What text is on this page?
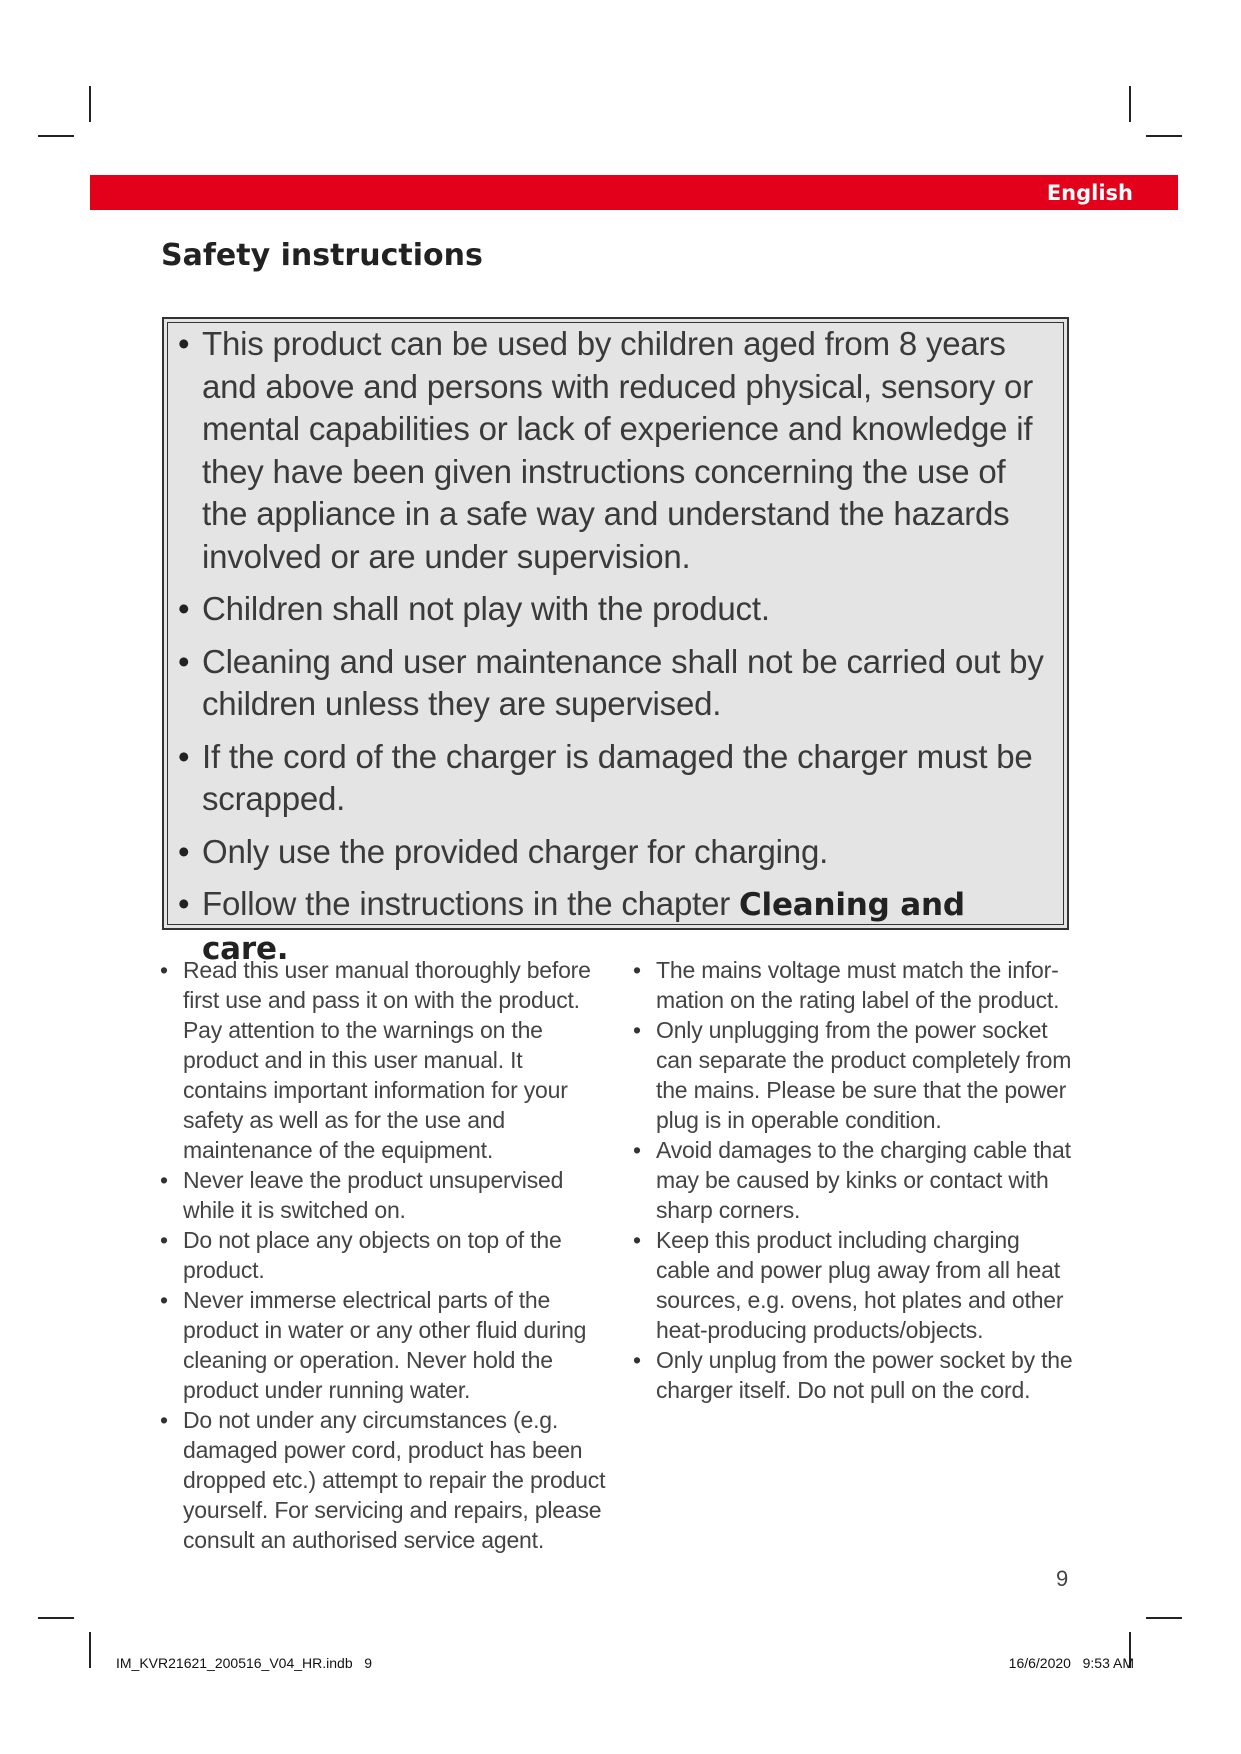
English
Safety instructions
• This product can be used by children aged from 8 years and above and persons with reduced physical, sensory or mental capabilities or lack of experience and knowledge if they have been given instructions concerning the use of the appliance in a safe way and understand the hazards involved or are under supervision.
• Children shall not play with the product.
• Cleaning and user maintenance shall not be carried out by children unless they are supervised.
• If the cord of the charger is damaged the charger must be scrapped.
• Only use the provided charger for charging.
• Follow the instructions in the chapter Cleaning and care.
• Read this user manual thoroughly before first use and pass it on with the product. Pay attention to the warnings on the product and in this user manual. It contains important information for your safety as well as for the use and maintenance of the equipment.
• Never leave the product unsupervised while it is switched on.
• Do not place any objects on top of the product.
• Never immerse electrical parts of the product in water or any other fluid during cleaning or operation. Never hold the product under running water.
• Do not under any circumstances (e.g. damaged power cord, product has been dropped etc.) attempt to repair the product yourself. For servicing and repairs, please consult an authorised service agent.
• The mains voltage must match the infor-mation on the rating label of the product.
• Only unplugging from the power socket can separate the product completely from the mains. Please be sure that the power plug is in operable condition.
• Avoid damages to the charging cable that may be caused by kinks or contact with sharp corners.
• Keep this product including charging cable and power plug away from all heat sources, e.g. ovens, hot plates and other heat-producing products/objects.
• Only unplug from the power socket by the charger itself. Do not pull on the cord.
9
IM_KVR21621_200516_V04_HR.indb   9	16/6/2020   9:53 AM
